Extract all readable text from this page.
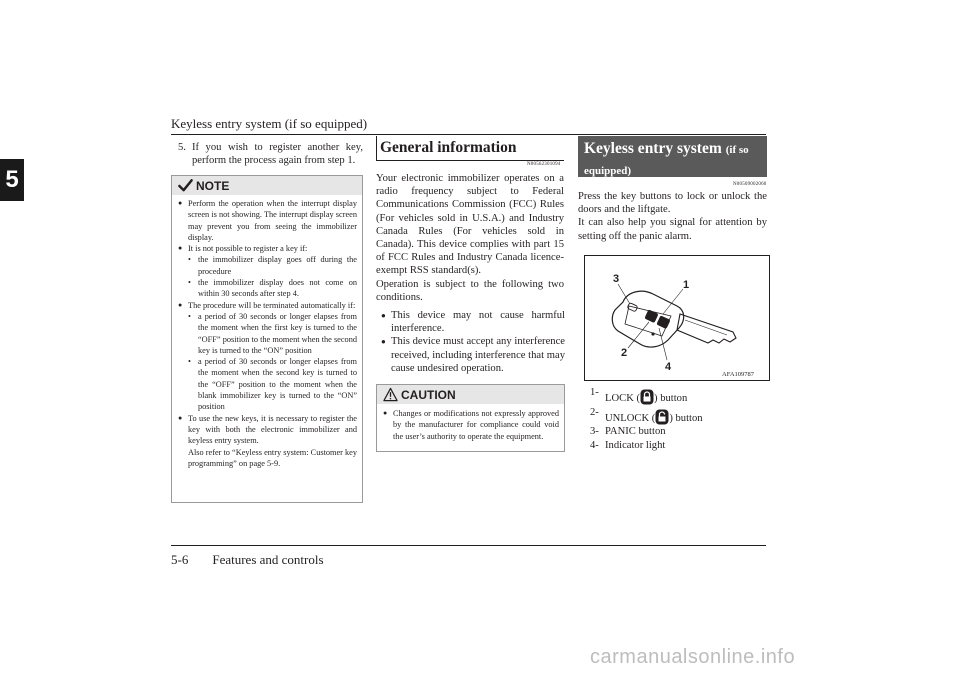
Keyless entry system (if so equipped)
5
5. If you wish to register another key, perform the process again from step 1.
NOTE
● Perform the operation when the interrupt display screen is not showing. The interrupt display screen may prevent you from seeing the immobilizer display.
● It is not possible to register a key if:
• the immobilizer display goes off during the procedure
• the immobilizer display does not come on within 30 seconds after step 4.
● The procedure will be terminated automatically if:
• a period of 30 seconds or longer elapses from the moment when the first key is turned to the “OFF” position to the moment when the second key is turned to the “ON” position
• a period of 30 seconds or longer elapses from the moment when the second key is turned to the “OFF” position to the moment when the blank immobilizer key is turned to the “ON” position
● To use the new keys, it is necessary to register the key with both the electronic immobilizer and keyless entry system.
Also refer to “Keyless entry system: Customer key programming” on page 5-9.
General information
N00562301094

Your electronic immobilizer operates on a radio frequency subject to Federal Communications Commission (FCC) Rules (For vehicles sold in U.S.A.) and Industry Canada Rules (For vehicles sold in Canada). This device complies with part 15 of FCC Rules and Industry Canada licence-exempt RSS standard(s).

Operation is subject to the following two conditions.

● This device may not cause harmful interference.
● This device must accept any interference received, including interference that may cause undesired operation.
CAUTION
● Changes or modifications not expressly approved by the manufacturer for compliance could void the user’s authority to operate the equipment.
Keyless entry system (if so equipped)
N00509002060

Press the key buttons to lock or unlock the doors and the liftgate.

It can also help you signal for attention by setting off the panic alarm.

3	1
2
4
AFA109787
1-
LOCK ( ) button
2-
UNLOCK ( ) button
3- PANIC button
4- Indicator light
5-6 Features and controls
carmanualsonline.info
